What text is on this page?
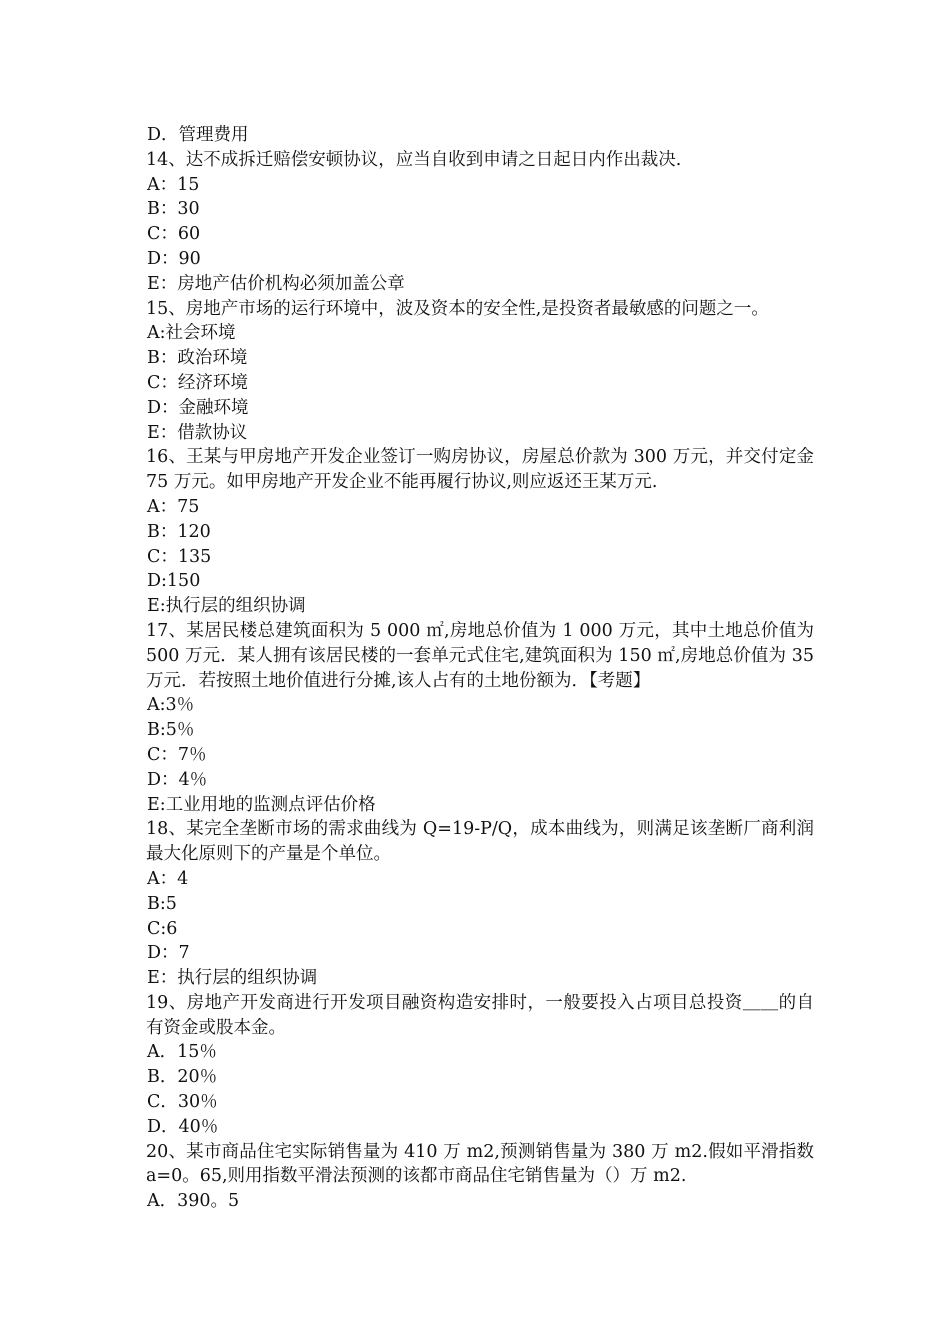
D．管理费用

14、达不成拆迁赔偿安顿协议，应当自收到申请之日起日内作出裁决.

A：15

B：30

C：60

D：90

E：房地产估价机构必须加盖公章

15、房地产市场的运行环境中，波及资本的安全性,是投资者最敏感的问题之一。

A:社会环境

B：政治环境

C：经济环境

D：金融环境

E：借款协议

16、王某与甲房地产开发企业签订一购房协议，房屋总价款为 300 万元，并交付定金 75 万元。如甲房地产开发企业不能再履行协议,则应返还王某万元.

A：75

B：120

C：135

D:150

E:执行层的组织协调

17、某居民楼总建筑面积为 5 000 ㎡,房地总价值为 1 000 万元，其中土地总价值为 500 万元．某人拥有该居民楼的一套单元式住宅,建筑面积为 150 ㎡,房地总价值为 35 万元．若按照土地价值进行分摊,该人占有的土地份额为．【考题】

A:3％

B:5％

C：7％

D：4％

E:工业用地的监测点评估价格

18、某完全垄断市场的需求曲线为 Q=19-P/Q，成本曲线为，则满足该垄断厂商利润最大化原则下的产量是个单位。

A：4

B:5

C:6

D：7

E：执行层的组织协调

19、房地产开发商进行开发项目融资构造安排时，一般要投入占项目总投资＿＿的自有资金或股本金。

A．15％

B．20％

C．30％

D．40％

20、某市商品住宅实际销售量为 410 万 m2,预测销售量为 380 万 m2.假如平滑指数 a=0。65,则用指数平滑法预测的该都市商品住宅销售量为（）万 m2.

A．390。5
